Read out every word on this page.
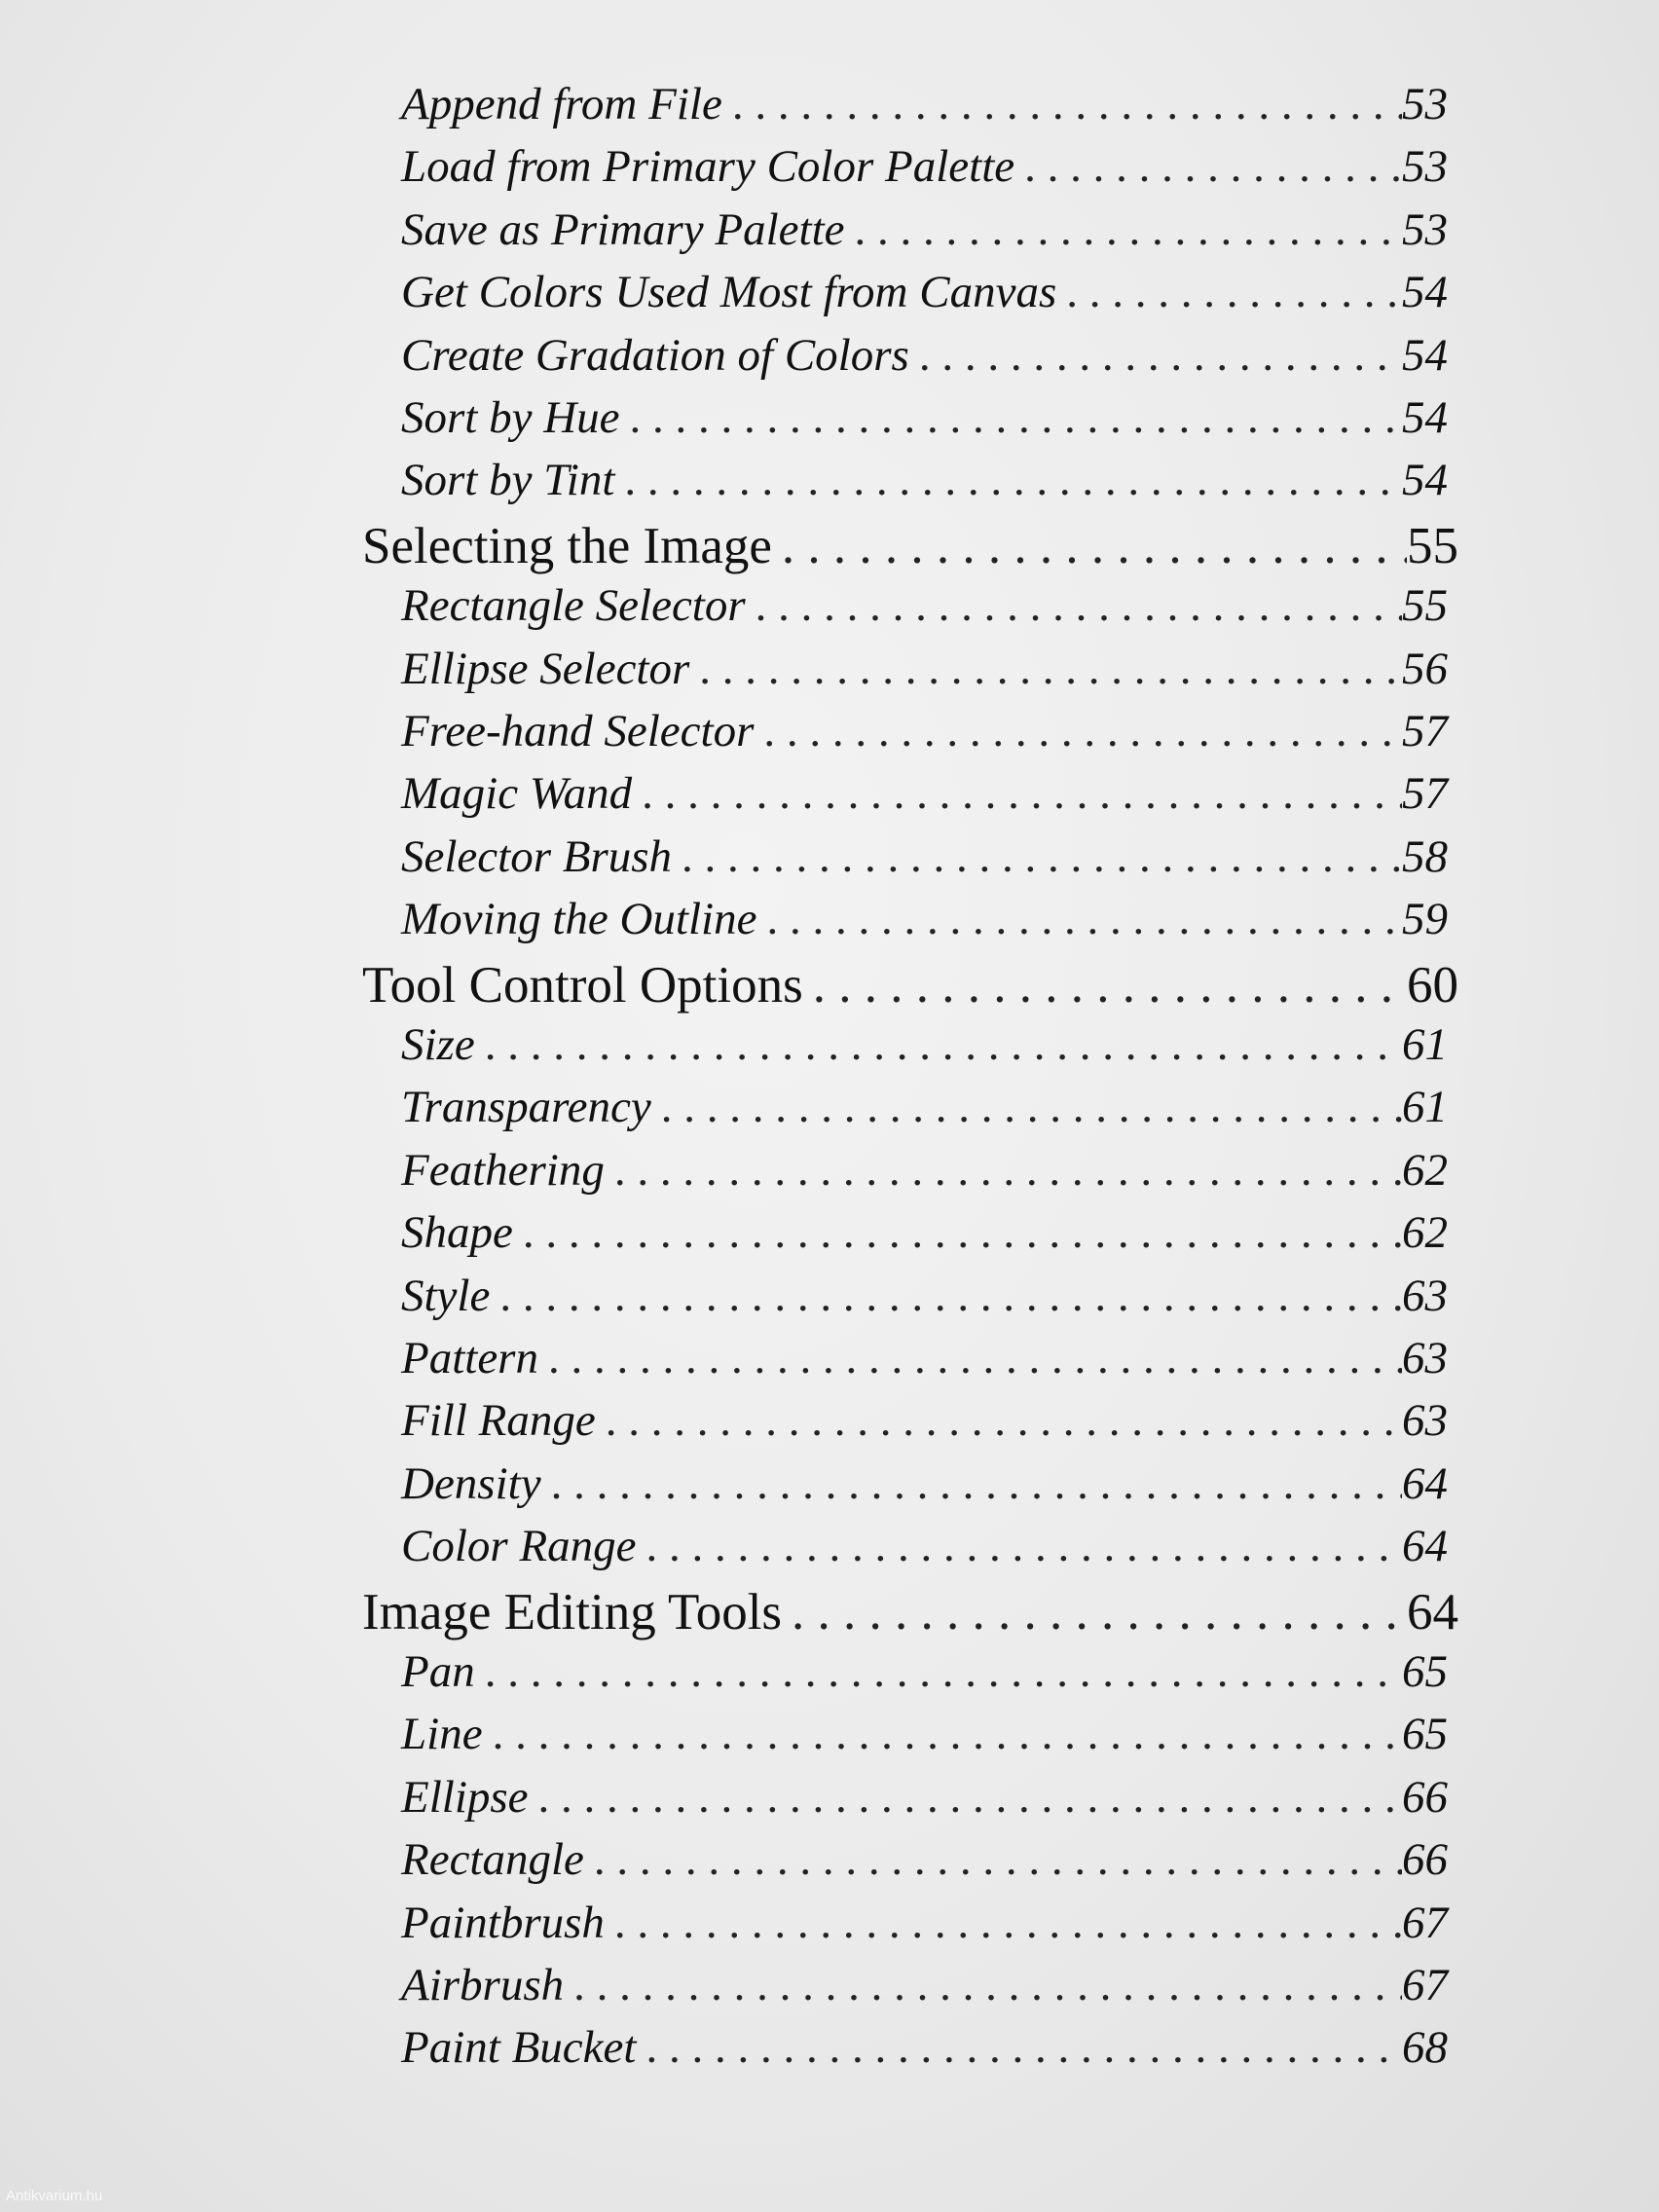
Append from File . . .	53
Load from Primary Color Palette . . .	53
Save as Primary Palette . . .	53
Get Colors Used Most from Canvas . . .	54
Create Gradation of Colors . . .	54
Sort by Hue . . .	54
Sort by Tint . . .	54
Selecting the Image . . .	55
Rectangle Selector . . .	55
Ellipse Selector . . .	56
Free-hand Selector . . .	57
Magic Wand . . .	57
Selector Brush . . .	58
Moving the Outline . . .	59
Tool Control Options . . .	60
Size . . .	61
Transparency . . .	61
Feathering . . .	62
Shape . . .	62
Style . . .	63
Pattern . . .	63
Fill Range . . .	63
Density . . .	64
Color Range . . .	64
Image Editing Tools . . .	64
Pan . . .	65
Line . . .	65
Ellipse . . .	66
Rectangle . . .	66
Paintbrush . . .	67
Airbrush . . .	67
Paint Bucket . . .	68
Antikvarium.hu
